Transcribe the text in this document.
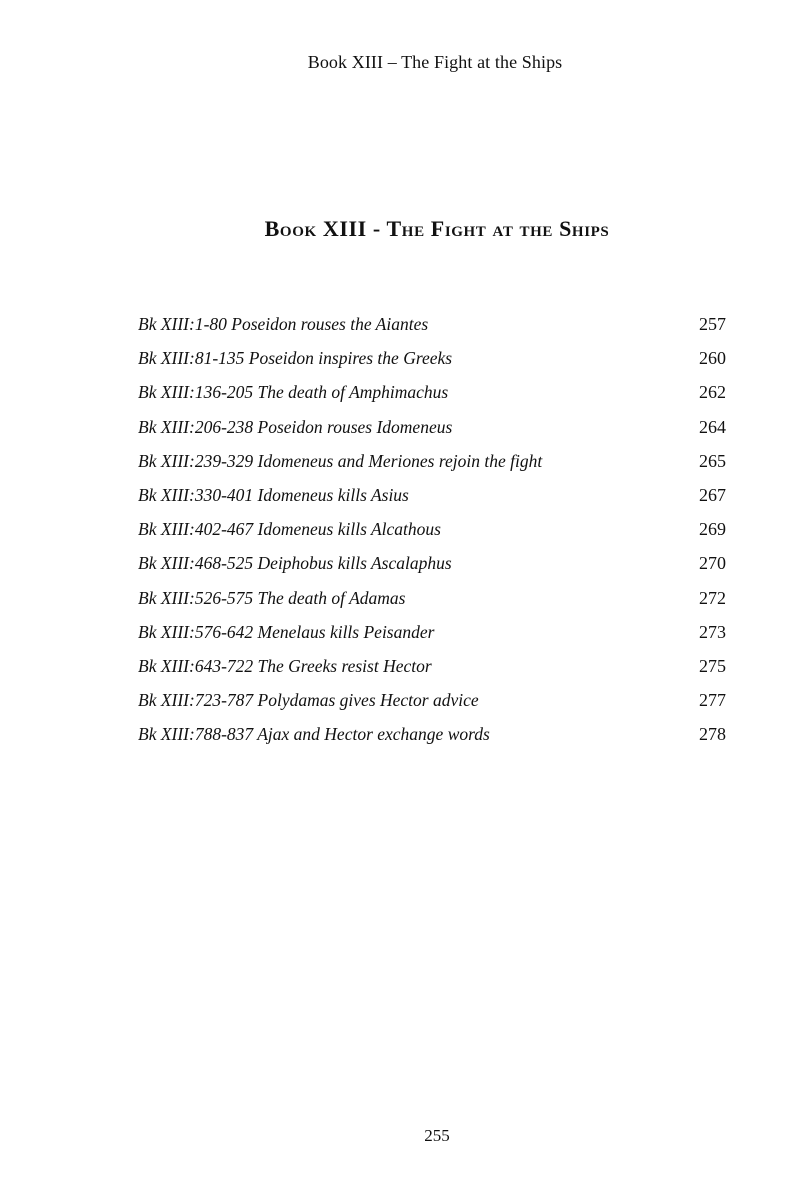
Book XIII – The Fight at the Ships
Book XIII - The Fight at the Ships
Bk XIII:1-80 Poseidon rouses the Aiantes	257
Bk XIII:81-135 Poseidon inspires the Greeks	260
Bk XIII:136-205 The death of Amphimachus	262
Bk XIII:206-238 Poseidon rouses Idomeneus	264
Bk XIII:239-329 Idomeneus and Meriones rejoin the fight	265
Bk XIII:330-401 Idomeneus kills Asius	267
Bk XIII:402-467 Idomeneus kills Alcathous	269
Bk XIII:468-525 Deiphobus kills Ascalaphus	270
Bk XIII:526-575 The death of Adamas	272
Bk XIII:576-642 Menelaus kills Peisander	273
Bk XIII:643-722 The Greeks resist Hector	275
Bk XIII:723-787 Polydamas gives Hector advice	277
Bk XIII:788-837 Ajax and Hector exchange words	278
255
